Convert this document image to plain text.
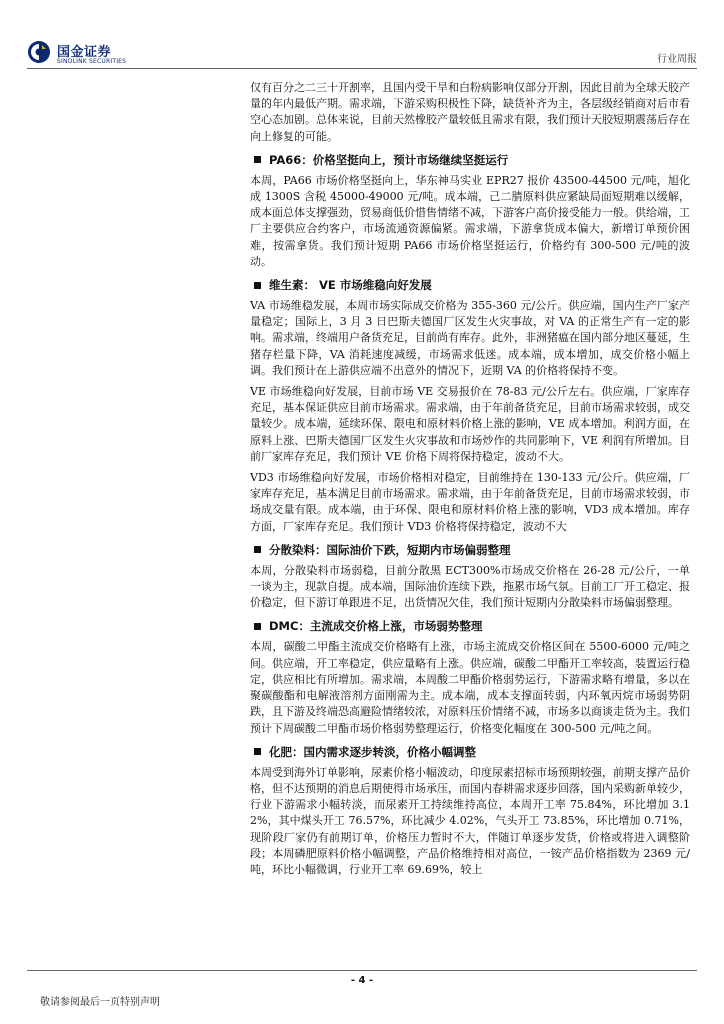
国金证券
SINOLINK SECURITIES	行业周报

仅有百分之二三十开割率，且国内受干旱和白粉病影响仅部分开割，因此目前为全球天胶产量的年内最低产期。需求端，下游采购积极性下降，缺货补齐为主，各层级经销商对后市看空心态加剧。总体来说，目前天然橡胶产量较低且需求有限，我们预计天胶短期震荡后存在向上修复的可能。

PA66：价格坚挺向上，预计市场继续坚挺运行

本周，PA66 市场价格坚挺向上，华东神马实业 EPR27 报价 43500-44500 元/吨，旭化成 1300S 含税 45000-49000 元/吨。成本端，己二腈原料供应紧缺局面短期难以缓解，成本面总体支撑强劲，贸易商低价惜售情绪不减，下游客户高价接受能力一般。供给端，工厂主要供应合约客户，市场流通资源偏紧。需求端，下游拿货成本偏大，新增订单预价困难，按需拿货。我们预计短期 PA66 市场价格坚挺运行，价格约有 300-500 元/吨的波动。

维生素： VE 市场维稳向好发展

VA 市场维稳发展，本周市场实际成交价格为 355-360 元/公斤。供应端，国内生产厂家产量稳定；国际上，3 月 3 日巴斯夫德国厂区发生火灾事故，对 VA 的正常生产有一定的影响。需求端，终端用户备货充足，目前尚有库存。此外，非洲猪瘟在国内部分地区蔓延，生猪存栏量下降，VA 消耗速度减缓，市场需求低迷。成本端，成本增加，成交价格小幅上调。我们预计在上游供应端不出意外的情况下，近期 VA 的价格将保持不变。

VE 市场维稳向好发展，目前市场 VE 交易报价在 78-83 元/公斤左右。供应端，厂家库存充足，基本保证供应目前市场需求。需求端，由于年前备货充足，目前市场需求较弱，成交量较少。成本端，延续环保、限电和原材料价格上涨的影响，VE 成本增加。利润方面，在原料上涨、巴斯夫德国厂区发生火灾事故和市场炒作的共同影响下，VE 利润有所增加。目前厂家库存充足，我们预计 VE 价格下周将保持稳定，波动不大。

VD3 市场维稳向好发展，市场价格相对稳定，目前维持在 130-133 元/公斤。供应端，厂家库存充足，基本满足目前市场需求。需求端，由于年前备货充足，目前市场需求较弱，市场成交量有限。成本端，由于环保、限电和原材料价格上涨的影响，VD3 成本增加。库存方面，厂家库存充足。我们预计 VD3 价格将保持稳定，波动不大

分散染料：国际油价下跌，短期内市场偏弱整理

本周，分散染料市场弱稳，目前分散黑 ECT300%市场成交价格在 26-28 元/公斤，一单一谈为主，现款自提。成本端，国际油价连续下跌，拖累市场气氛。目前工厂开工稳定、报价稳定，但下游订单跟进不足，出货情况欠佳，我们预计短期内分散染料市场偏弱整理。

DMC：主流成交价格上涨，市场弱势整理

本周，碳酸二甲酯主流成交价格略有上涨，市场主流成交价格区间在 5500-6000 元/吨之间。供应端，开工率稳定，供应量略有上涨。供应端，碳酸二甲酯开工率较高，装置运行稳定，供应相比有所增加。需求端，本周酸二甲酯价格弱势运行，下游需求略有增量，多以在聚碳酸酯和电解液溶剂方面刚需为主。成本端，成本支撑面转弱，内环氧丙烷市场弱势阴跌，且下游及终端恐高避险情绪较浓，对原料压价情绪不减，市场多以商谈走货为主。我们预计下周碳酸二甲酯市场价格弱势整理运行，价格变化幅度在 300-500 元/吨之间。

化肥：国内需求逐步转淡，价格小幅调整

本周受到海外订单影响，尿素价格小幅波动，印度尿素招标市场预期较强，前期支撑产品价格，但不达预期的消息后期使得市场承压，而国内春耕需求逐步回落，国内采购新单较少，行业下游需求小幅转淡，而尿素开工持续维持高位，本周开工率 75.84%，环比增加 3.12%，其中煤头开工 76.57%，环比减少 4.02%，气头开工 73.85%，环比增加 0.71%，现阶段厂家仍有前期订单，价格压力暂时不大，伴随订单逐步发货，价格或将进入调整阶段；本周磷肥原料价格小幅调整，产品价格维持相对高位，一铵产品价格指数为 2369 元/吨，环比小幅微调，行业开工率 69.69%，较上

- 4 -
敬请参阅最后一页特别声明
